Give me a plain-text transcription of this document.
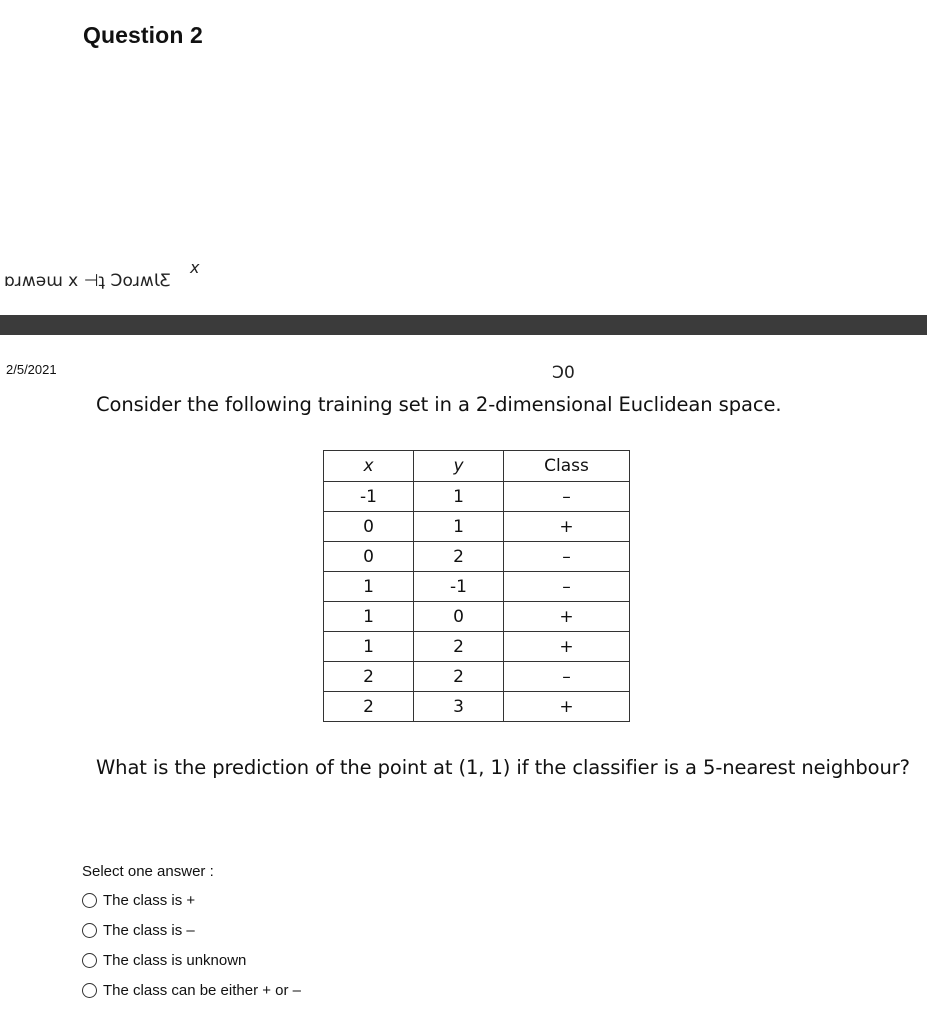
Question 2
ɒɹʍǝɯ x ⊣ʇ ƆoɹʍƖƸ
x
2/5/2021	Ɔ0
Consider the following training set in a 2-dimensional Euclidean space.
x	y	Class
-1	1	–
0	1	+
0	2	–
1	-1	–
1	0	+
1	2	+
2	2	–
2	3	+
What is the prediction of the point at (1, 1) if the classifier is a 5-nearest neighbour?
Select one answer :
The class is +
The class is –
The class is unknown
The class can be either + or –
